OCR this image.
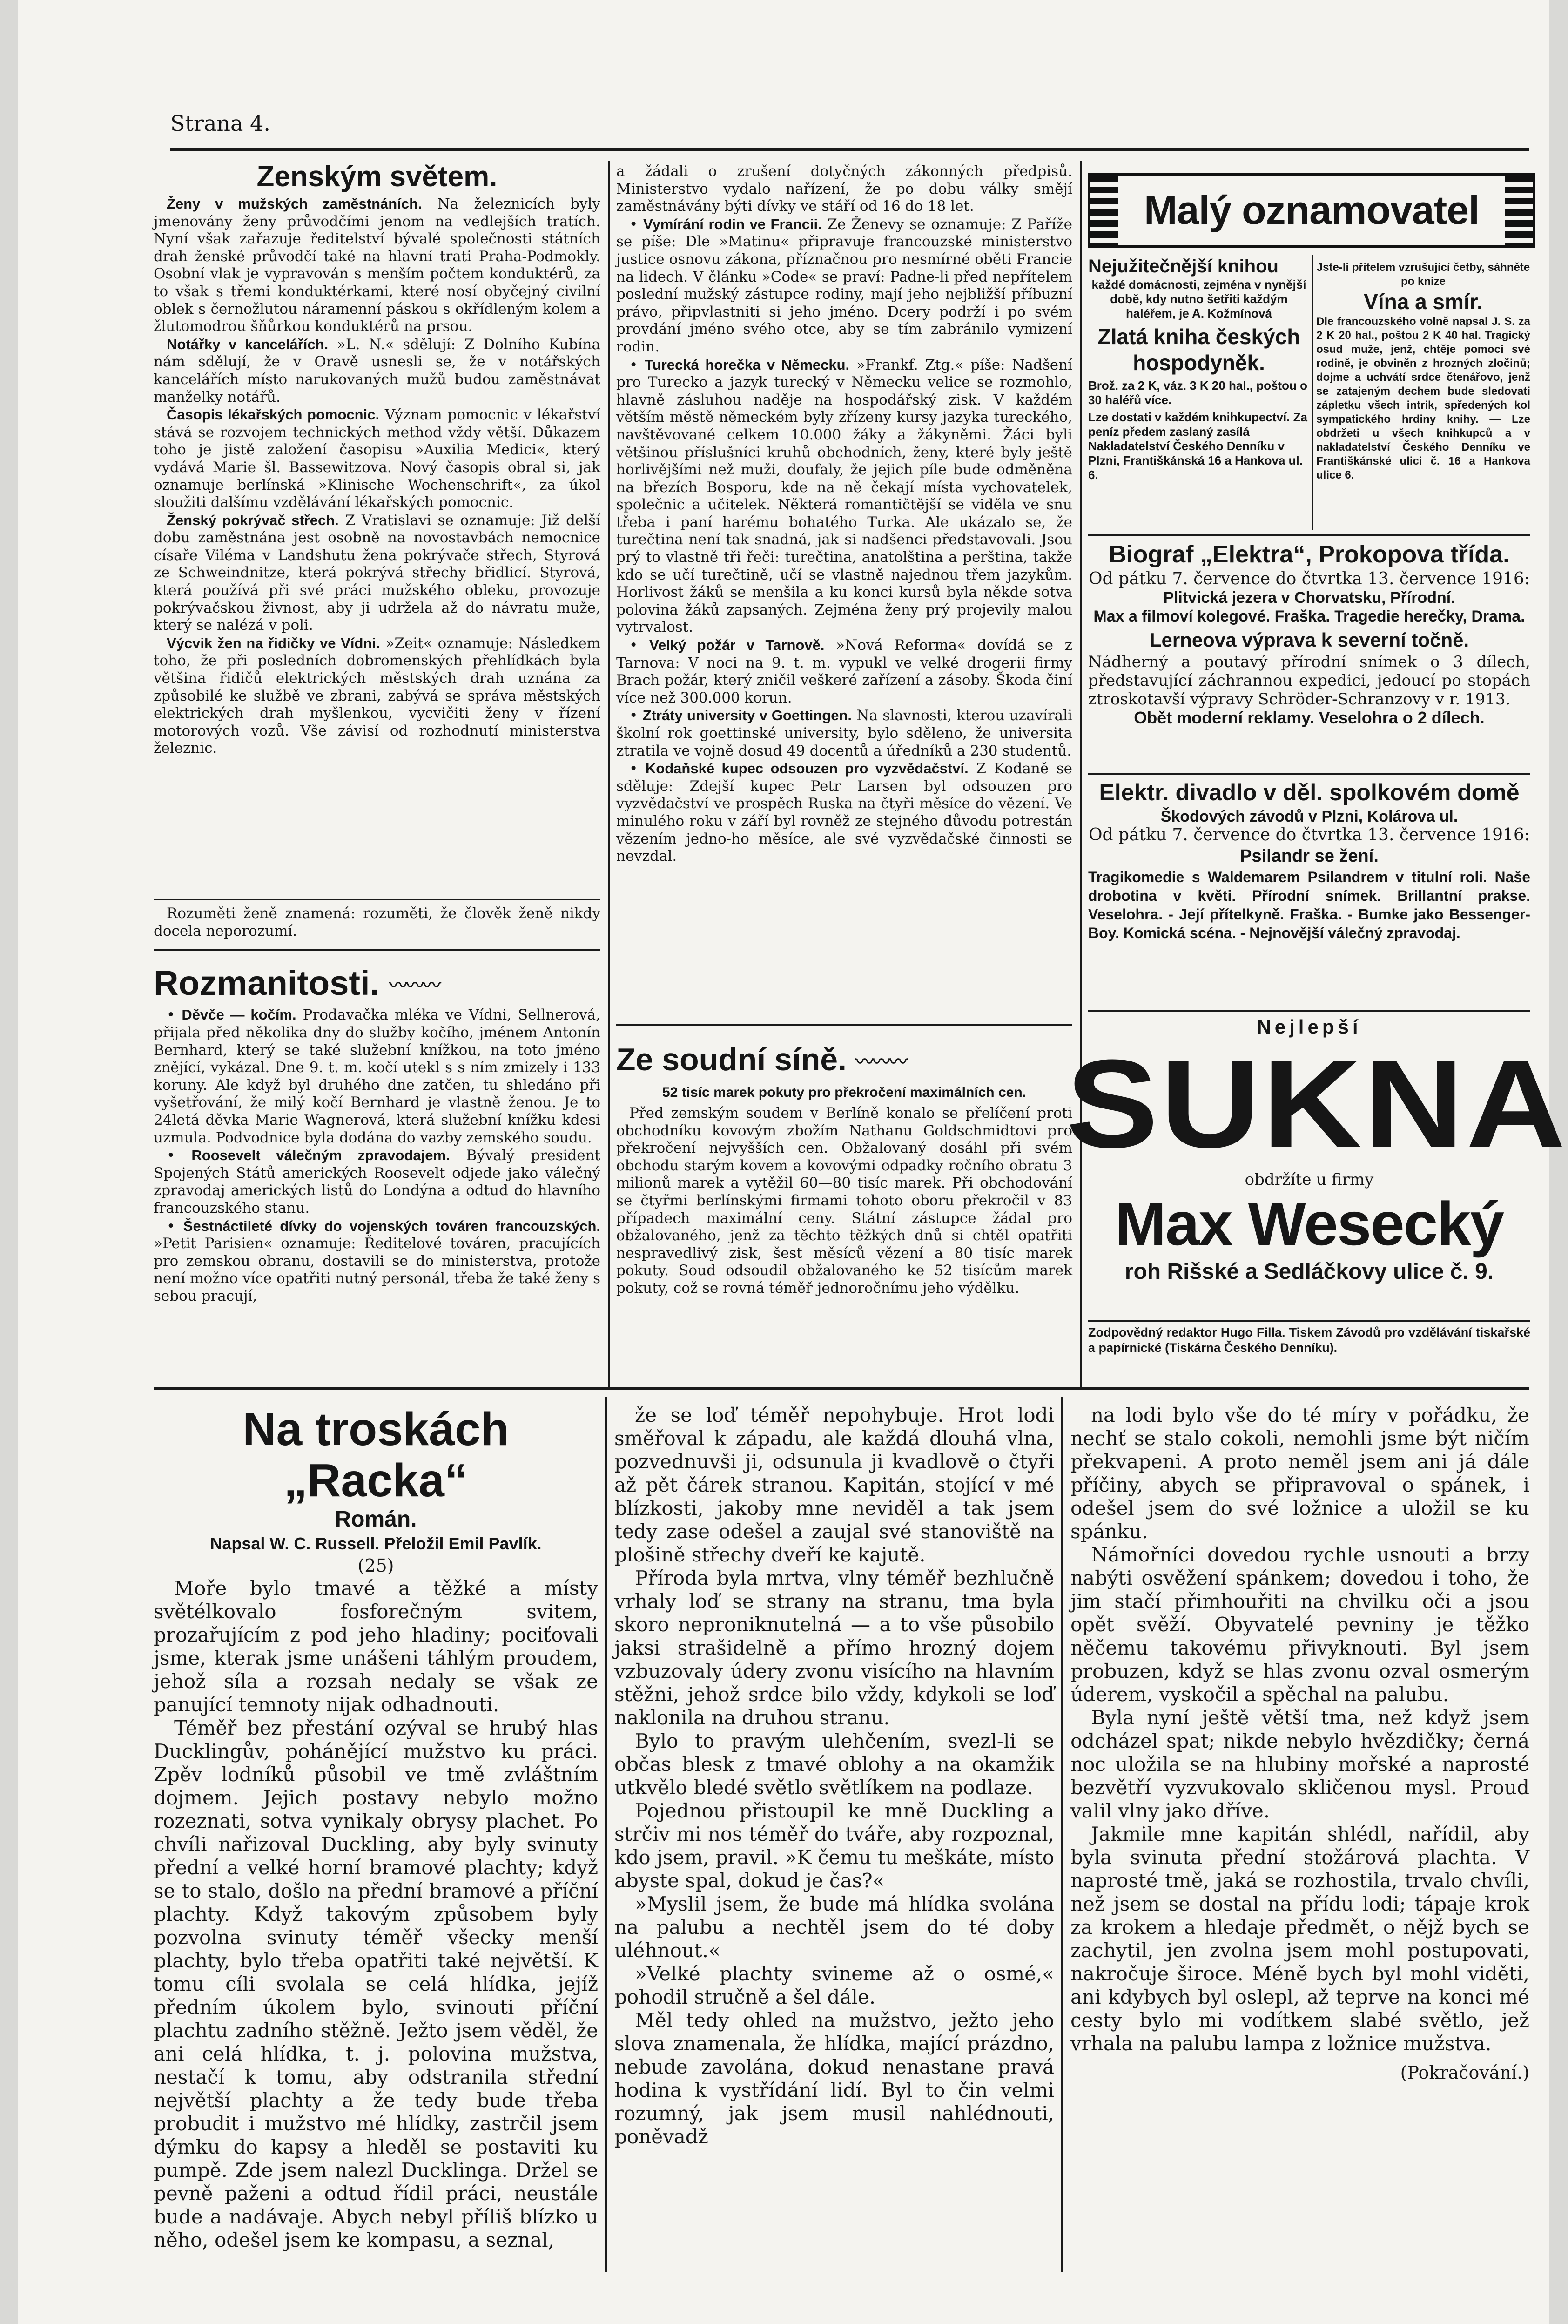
Strana 4.
Zenským světem.

Ženy v mužských zaměstnáních. Na železnicích byly jmenovány ženy průvodčími jenom na vedlejších tratích. Nyní však zařazuje ředitelství bývalé společnosti státních drah ženské průvodčí také na hlavní trati Praha-Podmokly. Osobní vlak je vypravován s menším počtem konduktérů, za to však s třemi konduktérkami, které nosí obyčejný civilní oblek s černožlutou náramenní páskou s okřídleným kolem a žlutomodrou šňůrkou konduktérů na prsou.

Notářky v kancelářích. »L. N.« sdělují: Z Dolního Kubína nám sdělují, že v Oravě usnesli se, že v notářských kancelářích místo narukovaných mužů budou zaměstnávat manželky notářů.

Časopis lékařských pomocnic. Význam pomocnic v lékařství stává se rozvojem technických method vždy větší. Důkazem toho je jistě založení časopisu »Auxilia Medici«, který vydává Marie šl. Bassewitzova. Nový časopis obral si, jak oznamuje berlínská »Klinische Wochenschrift«, za úkol sloužiti dalšímu vzdělávání lékařských pomocnic.

Ženský pokrývač střech. Z Vratislavi se oznamuje: Již delší dobu zaměstnána jest osobně na novostavbách nemocnice císaře Viléma v Landshutu žena pokrývače střech, Styrová ze Schweindnitze, která pokrývá střechy břidlicí. Styrová, která používá při své práci mužského obleku, provozuje pokrývačskou živnost, aby ji udržela až do návratu muže, který se nalézá v poli.

Výcvik žen na řidičky ve Vídni. »Zeit« oznamuje: Následkem toho, že při posledních dobromenských přehlídkách byla většina řidičů elektrických městských drah uznána za způsobilé ke službě ve zbrani, zabývá se správa městských elektrických drah myšlenkou, vycvičiti ženy v řízení motorových vozů. Vše závisí od rozhodnutí ministerstva železnic.

Rozuměti ženě znamená: rozuměti, že člověk ženě nikdy docela neporozumí.

Rozmanitosti. 〰〰〰

• Děvče — kočím. Prodavačka mléka ve Vídni, Sellnerová, přijala před několika dny do služby kočího, jménem Antonín Bernhard, který se také služební knížkou, na toto jméno znějící, vykázal. Dne 9. t. m. kočí utekl s s ním zmizely i 133 koruny. Ale když byl druhého dne zatčen, tu shledáno při vyšetřování, že milý kočí Bernhard je vlastně ženou. Je to 24letá děvka Marie Wagnerová, která služební knížku kdesi uzmula. Podvodnice byla dodána do vazby zemského soudu.

• Roosevelt válečným zpravodajem. Bývalý president Spojených Států amerických Roosevelt odjede jako válečný zpravodaj amerických listů do Londýna a odtud do hlavního francouzského stanu.

• Šestnáctileté dívky do vojenských továren francouzských. »Petit Parisien« oznamuje: Ředitelové továren, pracujících pro zemskou obranu, dostavili se do ministerstva, protože není možno více opatřiti nutný personál, třeba že také ženy s sebou pracují,

a žádali o zrušení dotyčných zákonných předpisů. Ministerstvo vydalo nařízení, že po dobu války smějí zaměstnávány býti dívky ve stáří od 16 do 18 let.

• Vymírání rodin ve Francii. Ze Ženevy se oznamuje: Z Paříže se píše: Dle »Matinu« připravuje francouzské ministerstvo justice osnovu zákona, příznačnou pro nesmírné oběti Francie na lidech. V článku »Code« se praví: Padne-li před nepřítelem poslední mužský zástupce rodiny, mají jeho nejbližší příbuzní právo, připvlastniti si jeho jméno. Dcery podrží i po svém provdání jméno svého otce, aby se tím zabránilo vymizení rodin.

• Turecká horečka v Německu. »Frankf. Ztg.« píše: Nadšení pro Turecko a jazyk turecký v Německu velice se rozmohlo, hlavně zásluhou naděje na hospodářský zisk. V každém větším městě německém byly zřízeny kursy jazyka tureckého, navštěvované celkem 10.000 žáky a žákyněmi. Žáci byli většinou příslušníci kruhů obchodních, ženy, které byly ještě horlivějšími než muži, doufaly, že jejich píle bude odměněna na březích Bosporu, kde na ně čekají místa vychovatelek, společnic a učitelek. Některá romantičtější se viděla ve snu třeba i paní harému bohatého Turka. Ale ukázalo se, že turečtina není tak snadná, jak si nadšenci představovali. Jsou prý to vlastně tři řeči: turečtina, anatolština a perština, takže kdo se učí turečtině, učí se vlastně najednou třem jazykům. Horlivost žáků se menšila a ku konci kursů byla někde sotva polovina žáků zapsaných. Zejména ženy prý projevily malou vytrvalost.

• Velký požár v Tarnově. »Nová Reforma« dovídá se z Tarnova: V noci na 9. t. m. vypukl ve velké drogerii firmy Brach požár, který zničil veškeré zařízení a zásoby. Škoda činí více než 300.000 korun.

• Ztráty university v Goettingen. Na slavnosti, kterou uzavírali školní rok goettinské university, bylo sděleno, že universita ztratila ve vojně dosud 49 docentů a úředníků a 230 studentů.

• Kodaňské kupec odsouzen pro vyzvědačství. Z Kodaně se sděluje: Zdejší kupec Petr Larsen byl odsouzen pro vyzvědačství ve prospěch Ruska na čtyři měsíce do vězení. Ve minulého roku v září byl rovněž ze stejného důvodu potrestán vězením jedno-ho měsíce, ale své vyzvědačské činnosti se nevzdal.

Ze soudní síně. 〰〰〰
52 tisíc marek pokuty pro překročení maximálních cen.

Před zemským soudem v Berlíně konalo se přelíčení proti obchodníku kovovým zbožím Nathanu Goldschmidtovi pro překročení nejvyšších cen. Obžalovaný dosáhl při svém obchodu starým kovem a kovovými odpadky ročního obratu 3 milionů marek a vytěžil 60—80 tisíc marek. Při obchodování se čtyřmi berlínskými firmami tohoto oboru překročil v 83 případech maximální ceny. Státní zástupce žádal pro obžalovaného, jenž za těchto těžkých dnů si chtěl opatřiti nespravedlivý zisk, šest měsíců vězení a 80 tisíc marek pokuty. Soud odsoudil obžalovaného ke 52 tisícům marek pokuty, což se rovná téměř jednoročnímu jeho výdělku.

Malý oznamovatel

Nejužitečnější knihou

každé domácnosti, zejména v nynější době, kdy nutno šetřiti každým haléřem, je A. Kožmínová

Zlatá kniha českých hospodyněk.

Brož. za 2 K, váz. 3 K 20 hal., poštou o 30 haléřů více.

Lze dostati v každém knihkupectví. Za peníz předem zaslaný zasílá Nakladatelství Českého Denníku v Plzni, Františkánská 16 a Hankova ul. 6.

Jste-li přítelem vzrušující četby, sáhněte po knize

Vína a smír.

Dle francouzského volně napsal J. S. za 2 K 20 hal., poštou 2 K 40 hal. Tragický osud muže, jenž, chtěje pomoci své rodině, je obviněn z hrozných zločinů; dojme a uchvátí srdce čtenářovo, jenž se zatajeným dechem bude sledovati zápletku všech intrik, spředených kol sympatického hrdiny knihy. — Lze obdržeti u všech knihkupců a v nakladatelství Českého Denníku ve Františkánské ulici č. 16 a Hankova ulice 6.

Biograf „Elektra“, Prokopova třída.

Od pátku 7. července do čtvrtka 13. července 1916:

Plitvická jezera v Chorvatsku, Přírodní.

Max a filmoví kolegové. Fraška. Tragedie herečky, Drama.

Lerneova výprava k severní točně.

Nádherný a poutavý přírodní snímek o 3 dílech, představující záchrannou expedici, jedoucí po stopách ztroskotavší výpravy Schröder-Schranzovy v r. 1913.

Obět moderní reklamy. Veselohra o 2 dílech.

Elektr. divadlo v děl. spolkovém domě

Škodových závodů v Plzni, Kolárova ul.

Od pátku 7. července do čtvrtka 13. července 1916:

Psilandr se žení.

Tragikomedie s Waldemarem Psilandrem v titulní roli. Naše drobotina v květi. Přírodní snímek. Brillantní prakse. Veselohra. - Její přítelkyně. Fraška. - Bumke jako Bessenger-Boy. Komická scéna. - Nejnovější válečný zpravodaj.

Nejlepší

SUKNA

obdržíte u firmy

Max Wesecký

roh Rišské a Sedláčkovy ulice č. 9.

Zodpovědný redaktor Hugo Filla. Tiskem Závodů pro vzdělávání tiskařské a papírnické (Tiskárna Českého Denníku).

Na troskách „Racka“
Román.
Napsal W. C. Russell. Přeložil Emil Pavlík.
(25)

Moře bylo tmavé a těžké a místy světélkovalo fosforečným svitem, prozařujícím z pod jeho hladiny; pociťovali jsme, kterak jsme unášeni táhlým proudem, jehož síla a rozsah nedaly se však ze panující temnoty nijak odhadnouti.

Téměř bez přestání ozýval se hrubý hlas Ducklingův, pohánějící mužstvo ku práci. Zpěv lodníků působil ve tmě zvláštním dojmem. Jejich postavy nebylo možno rozeznati, sotva vynikaly obrysy plachet. Po chvíli nařizoval Duckling, aby byly svinuty přední a velké horní bramové plachty; když se to stalo, došlo na přední bramové a příční plachty. Když takovým způsobem byly pozvolna svinuty téměř všecky menší plachty, bylo třeba opatřiti také největší. K tomu cíli svolala se celá hlídka, jejíž předním úkolem bylo, svinouti příční plachtu zadního stěžně. Ježto jsem věděl, že ani celá hlídka, t. j. polovina mužstva, nestačí k tomu, aby odstranila střední největší plachty a že tedy bude třeba probudit i mužstvo mé hlídky, zastrčil jsem dýmku do kapsy a hleděl se postaviti ku pumpě. Zde jsem nalezl Ducklinga. Držel se pevně paženi a odtud řídil práci, neustále bude a nadávaje. Abych nebyl příliš blízko u něho, odešel jsem ke kompasu, a seznal,

že se loď téměř nepohybuje. Hrot lodi směřoval k západu, ale každá dlouhá vlna, pozvednuvši ji, odsunula ji kvadlově o čtyři až pět čárek stranou. Kapitán, stojící v mé blízkosti, jakoby mne neviděl a tak jsem tedy zase odešel a zaujal své stanoviště na plošině střechy dveří ke kajutě.

Příroda byla mrtva, vlny téměř bezhlučně vrhaly loď se strany na stranu, tma byla skoro neproniknutelná — a to vše působilo jaksi strašidelně a přímo hrozný dojem vzbuzovaly údery zvonu visícího na hlavním stěžni, jehož srdce bilo vždy, kdykoli se loď naklonila na druhou stranu.

Bylo to pravým ulehčením, svezl-li se občas blesk z tmavé oblohy a na okamžik utkvělo bledé světlo světlíkem na podlaze.

Pojednou přistoupil ke mně Duckling a strčiv mi nos téměř do tváře, aby rozpoznal, kdo jsem, pravil. »K čemu tu meškáte, místo abyste spal, dokud je čas?«

»Myslil jsem, že bude má hlídka svolána na palubu a nechtěl jsem do té doby uléhnout.«

»Velké plachty svineme až o osmé,« pohodil stručně a šel dále.

Měl tedy ohled na mužstvo, ježto jeho slova znamenala, že hlídka, mající prázdno, nebude zavolána, dokud nenastane pravá hodina k vystřídání lidí. Byl to čin velmi rozumný, jak jsem musil nahlédnouti, poněvadž

na lodi bylo vše do té míry v pořádku, že nechť se stalo cokoli, nemohli jsme být ničím překvapeni. A proto neměl jsem ani já dále příčiny, abych se připravoval o spánek, i odešel jsem do své ložnice a uložil se ku spánku.

Námořníci dovedou rychle usnouti a brzy nabýti osvěžení spánkem; dovedou i toho, že jim stačí přimhouřiti na chvilku oči a jsou opět svěží. Obyvatelé pevniny je těžko něčemu takovému přivyknouti. Byl jsem probuzen, když se hlas zvonu ozval osmerým úderem, vyskočil a spěchal na palubu.

Byla nyní ještě větší tma, než když jsem odcházel spat; nikde nebylo hvězdičky; černá noc uložila se na hlubiny mořské a naprosté bezvětří vyzvukovalo skličenou mysl. Proud valil vlny jako dříve.

Jakmile mne kapitán shlédl, nařídil, aby byla svinuta přední stožárová plachta. V naprosté tmě, jaká se rozhostila, trvalo chvíli, než jsem se dostal na přídu lodi; tápaje krok za krokem a hledaje předmět, o nějž bych se zachytil, jen zvolna jsem mohl postupovati, nakročuje široce. Méně bych byl mohl viděti, ani kdybych byl oslepl, až teprve na konci mé cesty bylo mi vodítkem slabé světlo, jež vrhala na palubu lampa z ložnice mužstva.

(Pokračování.)
